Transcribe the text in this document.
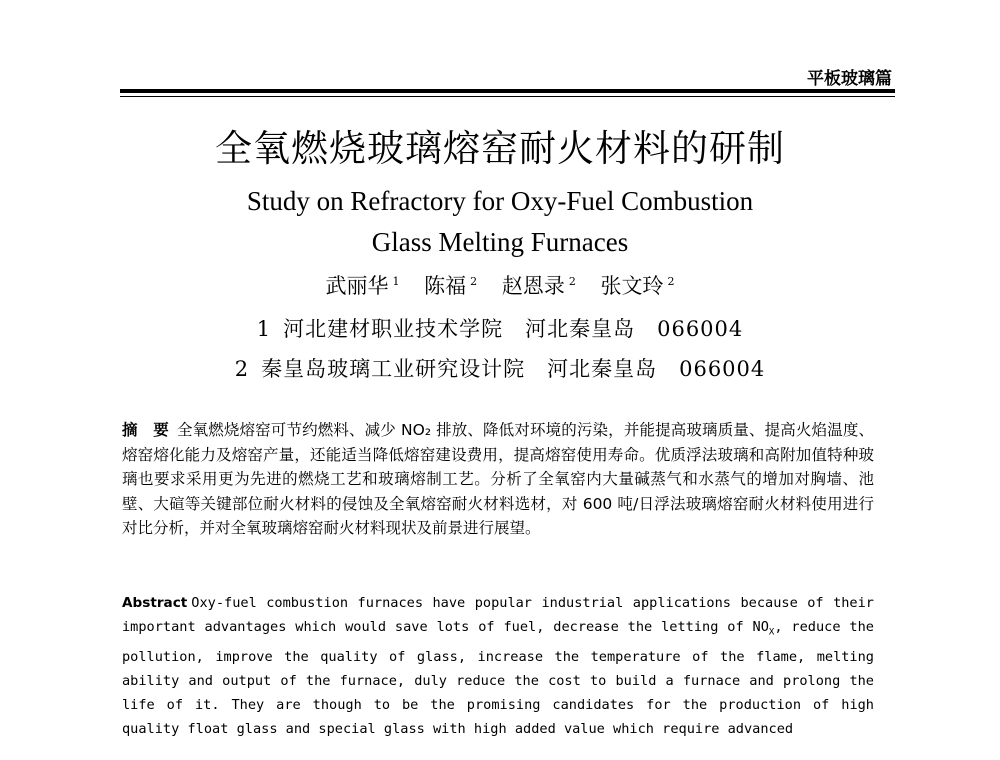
平板玻璃篇
全氧燃烧玻璃熔窑耐火材料的研制
Study on Refractory for Oxy-Fuel Combustion
Glass Melting Furnaces
武丽华 $^1$ 陈福 $^2$ 赵恩录 $^2$ 张文玲 $^2$
1 河北建材职业技术学院 河北秦皇岛 066004
2 秦皇岛玻璃工业研究设计院 河北秦皇岛 066004
摘　要 全氧燃烧熔窑可节约燃料、减少 NO₂ 排放、降低对环境的污染，并能提高玻璃质量、提高火焰温度、熔窑熔化能力及熔窑产量，还能适当降低熔窑建设费用，提高熔窑使用寿命。优质浮法玻璃和高附加值特种玻璃也要求采用更为先进的燃烧工艺和玻璃熔制工艺。分析了全氧窑内大量碱蒸气和水蒸气的增加对胸墙、池壁、大碹等关键部位耐火材料的侵蚀及全氧熔窑耐火材料选材，对 600 吨/日浮法玻璃熔窑耐火材料使用进行对比分析，并对全氧玻璃熔窑耐火材料现状及前景进行展望。
Abstract Oxy-fuel combustion furnaces have popular industrial applications because of their important advantages which would save lots of fuel, decrease the letting of $NO_X$, reduce the pollution, improve the quality of glass, increase the temperature of the flame, melting ability and output of the furnace, duly reduce the cost to build a furnace and prolong the life of it. They are though to be the promising candidates for the production of high quality float glass and special glass with high added value which require advanced
